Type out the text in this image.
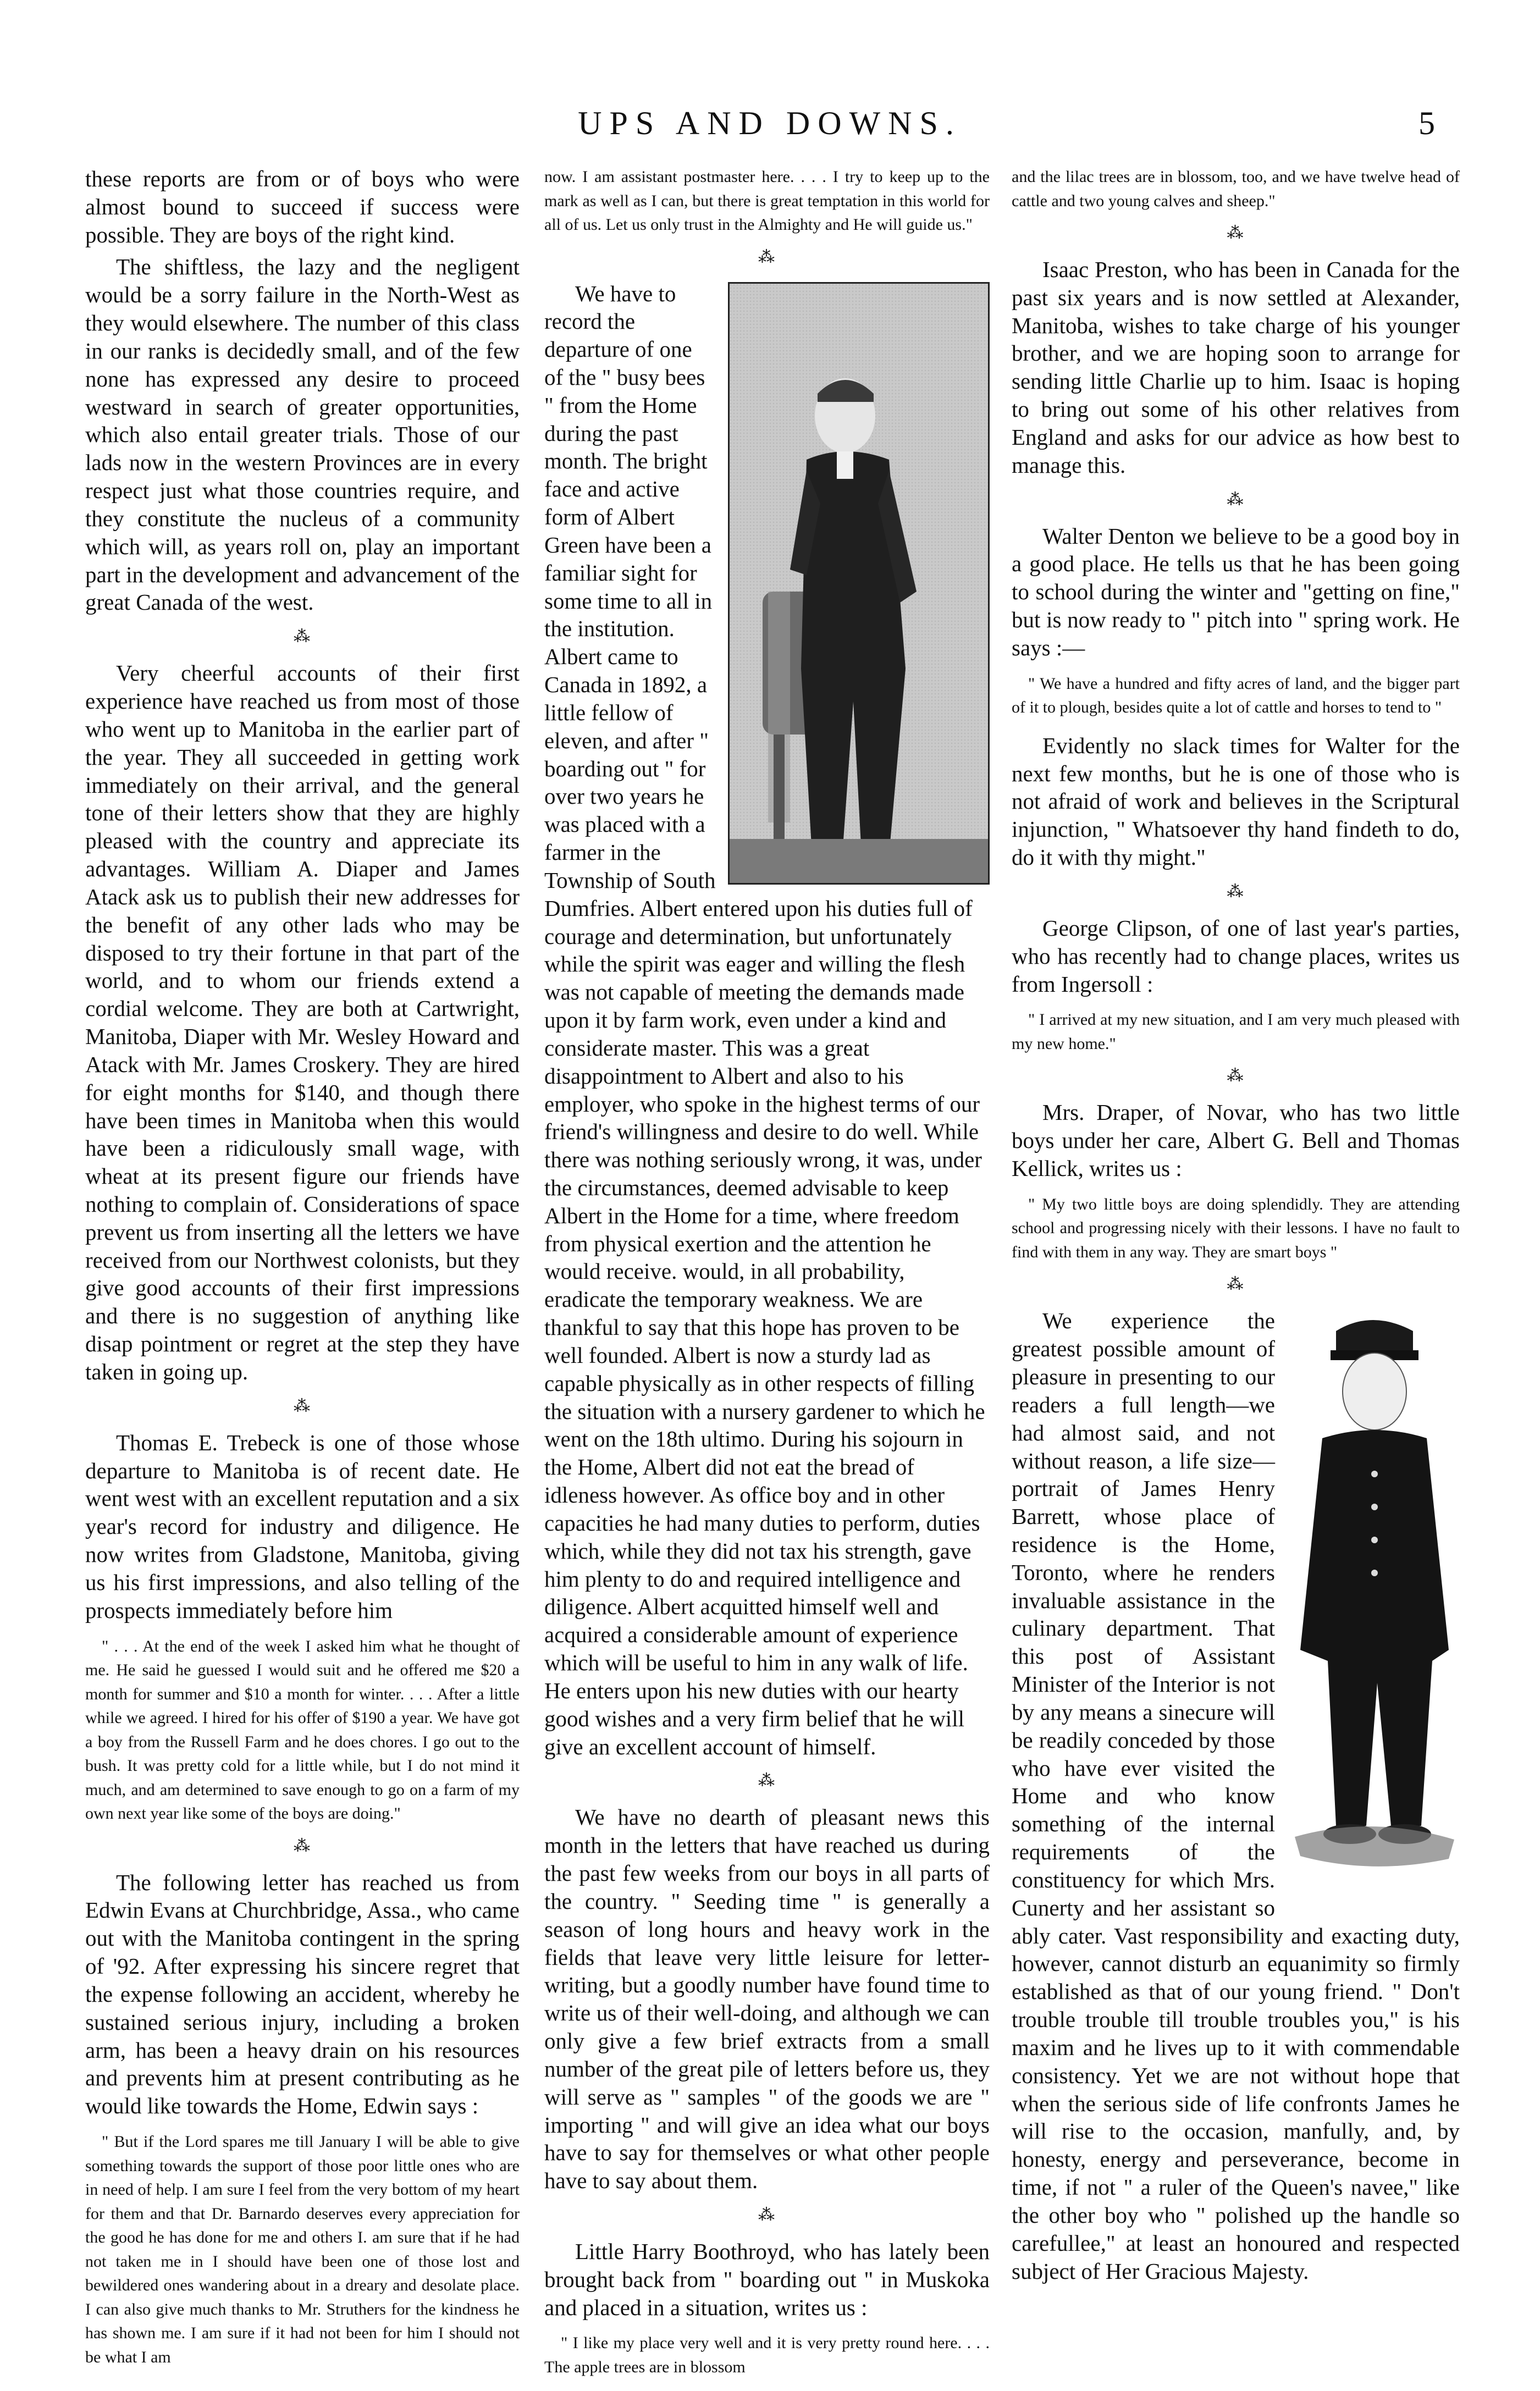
UPS AND DOWNS.	5

these reports are from or of boys who were almost bound to succeed if success were possible. They are boys of the right kind.

The shiftless, the lazy and the negligent would be a sorry failure in the North-West as they would elsewhere. The number of this class in our ranks is decidedly small, and of the few none has expressed any desire to proceed westward in search of greater opportunities, which also entail greater trials. Those of our lads now in the western Provinces are in every respect just what those countries require, and they constitute the nucleus of a community which will, as years roll on, play an important part in the development and advancement of the great Canada of the west.

⁂

Very cheerful accounts of their first experience have reached us from most of those who went up to Manitoba in the earlier part of the year. They all succeeded in getting work immediately on their arrival, and the general tone of their letters show that they are highly pleased with the country and appreciate its advantages. William A. Diaper and James Atack ask us to publish their new addresses for the benefit of any other lads who may be disposed to try their fortune in that part of the world, and to whom our friends extend a cordial welcome. They are both at Cartwright, Manitoba, Diaper with Mr. Wesley Howard and Atack with Mr. James Croskery. They are hired for eight months for $140, and though there have been times in Manitoba when this would have been a ridiculously small wage, with wheat at its present figure our friends have nothing to complain of. Considerations of space prevent us from inserting all the letters we have received from our Northwest colonists, but they give good accounts of their first impressions and there is no suggestion of anything like disap pointment or regret at the step they have taken in going up.

⁂

Thomas E. Trebeck is one of those whose departure to Manitoba is of recent date. He went west with an excellent reputation and a six year's record for industry and diligence. He now writes from Gladstone, Manitoba, giving us his first impressions, and also telling of the prospects immediately before him

" . . . At the end of the week I asked him what he thought of me. He said he guessed I would suit and he offered me $20 a month for summer and $10 a month for winter. . . . After a little while we agreed. I hired for his offer of $190 a year. We have got a boy from the Russell Farm and he does chores. I go out to the bush. It was pretty cold for a little while, but I do not mind it much, and am determined to save enough to go on a farm of my own next year like some of the boys are doing."

⁂

The following letter has reached us from Edwin Evans at Churchbridge, Assa., who came out with the Manitoba contingent in the spring of '92. After expressing his sincere regret that the expense following an accident, whereby he sustained serious injury, including a broken arm, has been a heavy drain on his resources and prevents him at present contributing as he would like towards the Home, Edwin says :

" But if the Lord spares me till January I will be able to give something towards the support of those poor little ones who are in need of help. I am sure I feel from the very bottom of my heart for them and that Dr. Barnardo deserves every appreciation for the good he has done for me and others I. am sure that if he had not taken me in I should have been one of those lost and bewildered ones wandering about in a dreary and desolate place. I can also give much thanks to Mr. Struthers for the kindness he has shown me. I am sure if it had not been for him I should not be what I am

now. I am assistant postmaster here. . . . I try to keep up to the mark as well as I can, but there is great temptation in this world for all of us. Let us only trust in the Almighty and He will guide us."

⁂

We have to record the departure of one of the " busy bees " from the Home during the past month. The bright face and active form of Albert Green have been a familiar sight for some time to all in the institution. Albert came to Canada in 1892, a little fellow of eleven, and after " boarding out " for over two years he was placed with a farmer in the Township of South Dumfries. Albert entered upon his duties full of courage and determination, but unfortunately while the spirit was eager and willing the flesh was not capable of meeting the demands made upon it by farm work, even under a kind and considerate master. This was a great disappointment to Albert and also to his employer, who spoke in the highest terms of our friend's willingness and desire to do well. While there was nothing seriously wrong, it was, under the circumstances, deemed advisable to keep Albert in the Home for a time, where freedom from physical exertion and the attention he would receive. would, in all probability, eradicate the temporary weakness. We are thankful to say that this hope has proven to be well founded. Albert is now a sturdy lad as capable physically as in other respects of filling the situation with a nursery gardener to which he went on the 18th ultimo. During his sojourn in the Home, Albert did not eat the bread of idleness however. As office boy and in other capacities he had many duties to perform, duties which, while they did not tax his strength, gave him plenty to do and required intelligence and diligence. Albert acquitted himself well and acquired a considerable amount of experience which will be useful to him in any walk of life. He enters upon his new duties with our hearty good wishes and a very firm belief that he will give an excellent account of himself.

⁂

We have no dearth of pleasant news this month in the letters that have reached us during the past few weeks from our boys in all parts of the country. " Seeding time " is generally a season of long hours and heavy work in the fields that leave very little leisure for letter-writing, but a goodly number have found time to write us of their well-doing, and although we can only give a few brief extracts from a small number of the great pile of letters before us, they will serve as " samples " of the goods we are " importing " and will give an idea what our boys have to say for themselves or what other people have to say about them.

⁂

Little Harry Boothroyd, who has lately been brought back from " boarding out " in Muskoka and placed in a situation, writes us :

" I like my place very well and it is very pretty round here. . . . The apple trees are in blossom

and the lilac trees are in blossom, too, and we have twelve head of cattle and two young calves and sheep."

⁂

Isaac Preston, who has been in Canada for the past six years and is now settled at Alexander, Manitoba, wishes to take charge of his younger brother, and we are hoping soon to arrange for sending little Charlie up to him. Isaac is hoping to bring out some of his other relatives from England and asks for our advice as how best to manage this.

⁂

Walter Denton we believe to be a good boy in a good place. He tells us that he has been going to school during the winter and "getting on fine," but is now ready to " pitch into " spring work. He says :—

" We have a hundred and fifty acres of land, and the bigger part of it to plough, besides quite a lot of cattle and horses to tend to "

Evidently no slack times for Walter for the next few months, but he is one of those who is not afraid of work and believes in the Scriptural injunction, " Whatsoever thy hand findeth to do, do it with thy might."

⁂

George Clipson, of one of last year's parties, who has recently had to change places, writes us from Ingersoll :

" I arrived at my new situation, and I am very much pleased with my new home."

⁂

Mrs. Draper, of Novar, who has two little boys under her care, Albert G. Bell and Thomas Kellick, writes us :

" My two little boys are doing splendidly. They are attending school and progressing nicely with their lessons. I have no fault to find with them in any way. They are smart boys "

⁂

We experience the greatest possible amount of pleasure in presenting to our readers a full length—we had almost said, and not without reason, a life size—portrait of James Henry Barrett, whose place of residence is the Home, Toronto, where he renders invaluable assistance in the culinary department. That this post of Assistant Minister of the Interior is not by any means a sinecure will be readily conceded by those who have ever visited the Home and who know something of the internal requirements of the constituency for which Mrs. Cunerty and her assistant so ably cater. Vast responsibility and exacting duty, however, cannot disturb an equanimity so firmly established as that of our young friend. " Don't trouble trouble till trouble troubles you," is his maxim and he lives up to it with commendable consistency. Yet we are not without hope that when the serious side of life confronts James he will rise to the occasion, manfully, and, by honesty, energy and perseverance, become in time, if not " a ruler of the Queen's navee," like the other boy who " polished up the handle so carefullee," at least an honoured and respected subject of Her Gracious Majesty.
